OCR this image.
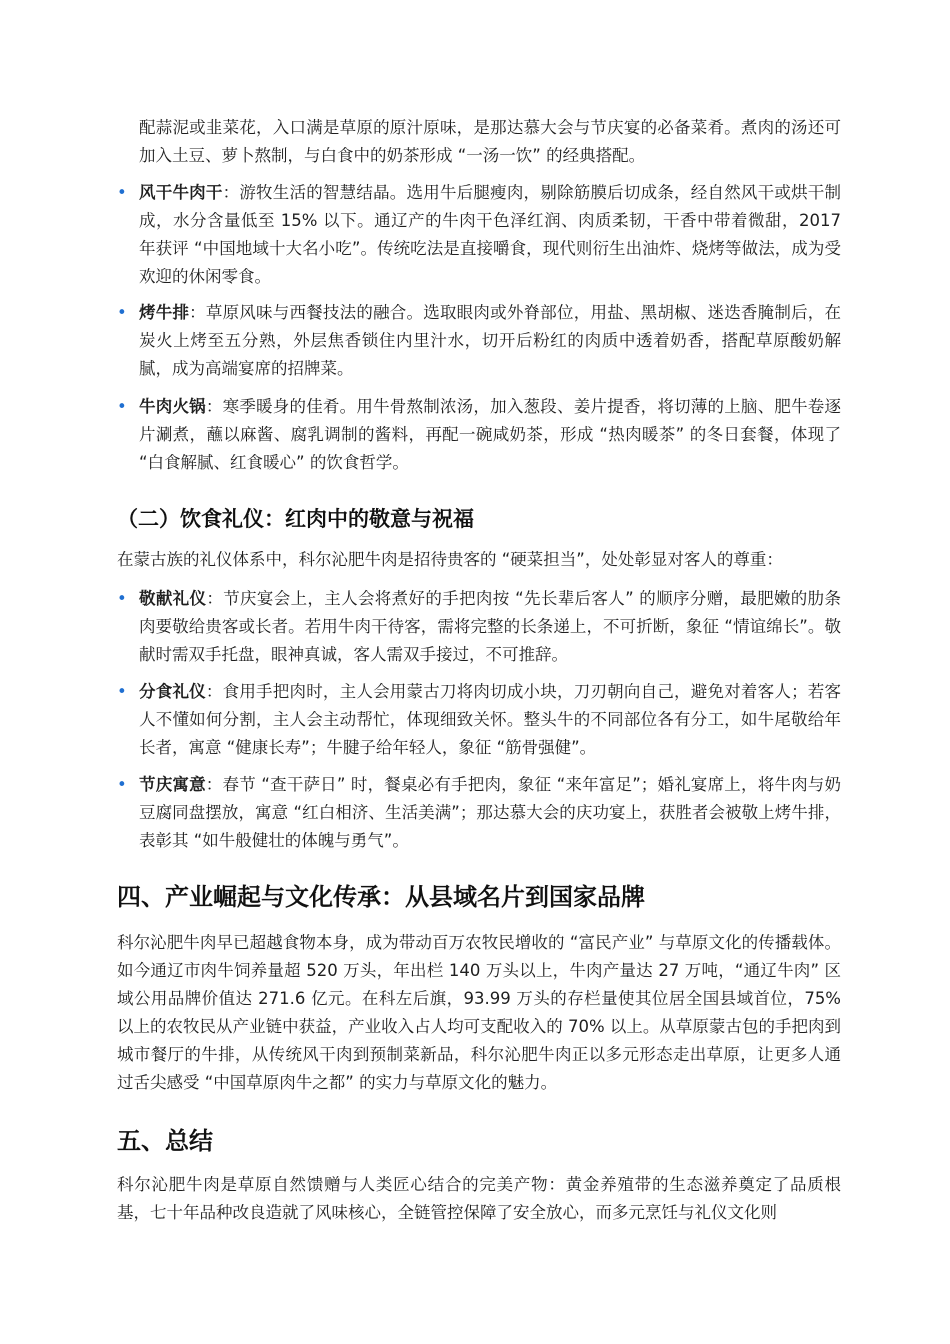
配蒜泥或韭菜花，入口满是草原的原汁原味，是那达慕大会与节庆宴的必备菜肴。煮肉的汤还可加入土豆、萝卜熬制，与白食中的奶茶形成 “一汤一饮” 的经典搭配。

• 风干牛肉干：游牧生活的智慧结晶。选用牛后腿瘦肉，剔除筋膜后切成条，经自然风干或烘干制成，水分含量低至 15% 以下。通辽产的牛肉干色泽红润、肉质柔韧，干香中带着微甜，2017 年获评 “中国地域十大名小吃”。传统吃法是直接嚼食，现代则衍生出油炸、烧烤等做法，成为受欢迎的休闲零食。

• 烤牛排：草原风味与西餐技法的融合。选取眼肉或外脊部位，用盐、黑胡椒、迷迭香腌制后，在炭火上烤至五分熟，外层焦香锁住内里汁水，切开后粉红的肉质中透着奶香，搭配草原酸奶解腻，成为高端宴席的招牌菜。

• 牛肉火锅：寒季暖身的佳肴。用牛骨熬制浓汤，加入葱段、姜片提香，将切薄的上脑、肥牛卷逐片涮煮，蘸以麻酱、腐乳调制的酱料，再配一碗咸奶茶，形成 “热肉暖茶” 的冬日套餐，体现了 “白食解腻、红食暖心” 的饮食哲学。

（二）饮食礼仪：红肉中的敬意与祝福

在蒙古族的礼仪体系中，科尔沁肥牛肉是招待贵客的 “硬菜担当”，处处彰显对客人的尊重：

• 敬献礼仪：节庆宴会上，主人会将煮好的手把肉按 “先长辈后客人” 的顺序分赠，最肥嫩的肋条肉要敬给贵客或长者。若用牛肉干待客，需将完整的长条递上，不可折断，象征 “情谊绵长”。敬献时需双手托盘，眼神真诚，客人需双手接过，不可推辞。

• 分食礼仪：食用手把肉时，主人会用蒙古刀将肉切成小块，刀刃朝向自己，避免对着客人；若客人不懂如何分割，主人会主动帮忙，体现细致关怀。整头牛的不同部位各有分工，如牛尾敬给年长者，寓意 “健康长寿”；牛腱子给年轻人，象征 “筋骨强健”。

• 节庆寓意：春节 “查干萨日” 时，餐桌必有手把肉，象征 “来年富足”；婚礼宴席上，将牛肉与奶豆腐同盘摆放，寓意 “红白相济、生活美满”；那达慕大会的庆功宴上，获胜者会被敬上烤牛排，表彰其 “如牛般健壮的体魄与勇气”。

四、产业崛起与文化传承：从县域名片到国家品牌

科尔沁肥牛肉早已超越食物本身，成为带动百万农牧民增收的 “富民产业” 与草原文化的传播载体。如今通辽市肉牛饲养量超 520 万头，年出栏 140 万头以上，牛肉产量达 27 万吨，“通辽牛肉” 区域公用品牌价值达 271.6 亿元。在科左后旗，93.99 万头的存栏量使其位居全国县域首位，75% 以上的农牧民从产业链中获益，产业收入占人均可支配收入的 70% 以上。从草原蒙古包的手把肉到城市餐厅的牛排，从传统风干肉到预制菜新品，科尔沁肥牛肉正以多元形态走出草原，让更多人通过舌尖感受 “中国草原肉牛之都” 的实力与草原文化的魅力。

五、总结

科尔沁肥牛肉是草原自然馈赠与人类匠心结合的完美产物：黄金养殖带的生态滋养奠定了品质根基，七十年品种改良造就了风味核心，全链管控保障了安全放心，而多元烹饪与礼仪文化则
